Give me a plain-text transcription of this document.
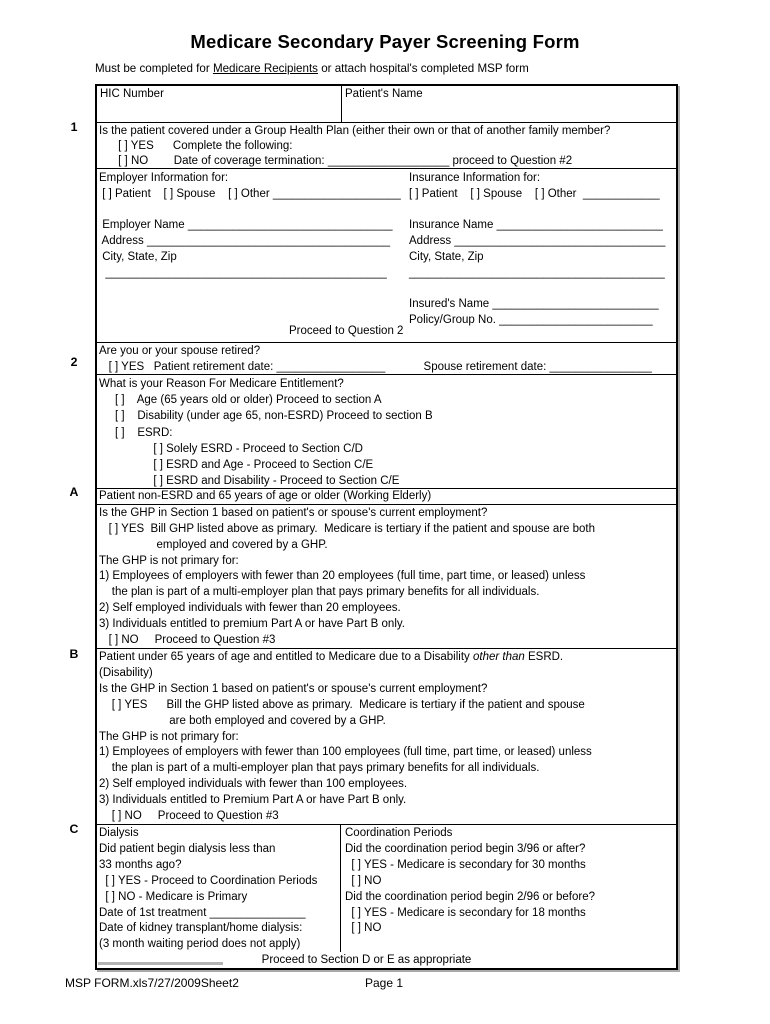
Medicare Secondary Payer Screening Form
Must be completed for Medicare Recipients or attach hospital's completed MSP form
1
2
A
B
C
HIC Number	Patient's Name
Is the patient covered under a Group Health Plan (either their own or that of another family member?
[ ] YES      Complete the following:
[ ] NO        Date of coverage termination: ___________________ proceed to Question #2
Employer Information for:
[ ] Patient    [ ] Spouse    [ ] Other ____________________

Employer Name ________________________________
Address ______________________________________
City, State, Zip
____________________________________________
Insurance Information for:
[ ] Patient    [ ] Spouse    [ ] Other  ____________

Insurance Name __________________________
Address _________________________________
City, State, Zip
________________________________________

Insured's Name __________________________
Policy/Group No. ________________________
Proceed to Question 2
Are you or your spouse retired?
[ ] YES   Patient retirement date: _________________            Spouse retirement date: ________________
What is your Reason For Medicare Entitlement?
[ ]    Age (65 years old or older) Proceed to section A
[ ]    Disability (under age 65, non-ESRD) Proceed to section B
[ ]    ESRD:
[ ] Solely ESRD - Proceed to Section C/D
[ ] ESRD and Age - Proceed to Section C/E
[ ] ESRD and Disability - Proceed to Section C/E
Patient non-ESRD and 65 years of age or older (Working Elderly)
Is the GHP in Section 1 based on patient's or spouse's current employment?
[ ] YES  Bill GHP listed above as primary.  Medicare is tertiary if the patient and spouse are both
employed and covered by a GHP.
The GHP is not primary for:
1) Employees of employers with fewer than 20 employees (full time, part time, or leased) unless
the plan is part of a multi-employer plan that pays primary benefits for all individuals.
2) Self employed individuals with fewer than 20 employees.
3) Individuals entitled to premium Part A or have Part B only.
[ ] NO     Proceed to Question #3
Patient under 65 years of age and entitled to Medicare due to a Disability other than ESRD.
(Disability)
Is the GHP in Section 1 based on patient's or spouse's current employment?
[ ] YES      Bill the GHP listed above as primary.  Medicare is tertiary if the patient and spouse
are both employed and covered by a GHP.
The GHP is not primary for:
1) Employees of employers with fewer than 100 employees (full time, part time, or leased) unless
the plan is part of a multi-employer plan that pays primary benefits for all individuals.
2) Self employed individuals with fewer than 100 employees.
3) Individuals entitled to Premium Part A or have Part B only.
[ ] NO     Proceed to Question #3
Dialysis
Did patient begin dialysis less than
33 months ago?
[ ] YES - Proceed to Coordination Periods
[ ] NO - Medicare is Primary
Date of 1st treatment _______________
Date of kidney transplant/home dialysis:
(3 month waiting period does not apply)
Coordination Periods
Did the coordination period begin 3/96 or after?
[ ] YES - Medicare is secondary for 30 months
[ ] NO
Did the coordination period begin 2/96 or before?
[ ] YES - Medicare is secondary for 18 months
[ ] NO
Proceed to Section D or E as appropriate
MSP FORM.xls7/27/2009Sheet2	Page 1
